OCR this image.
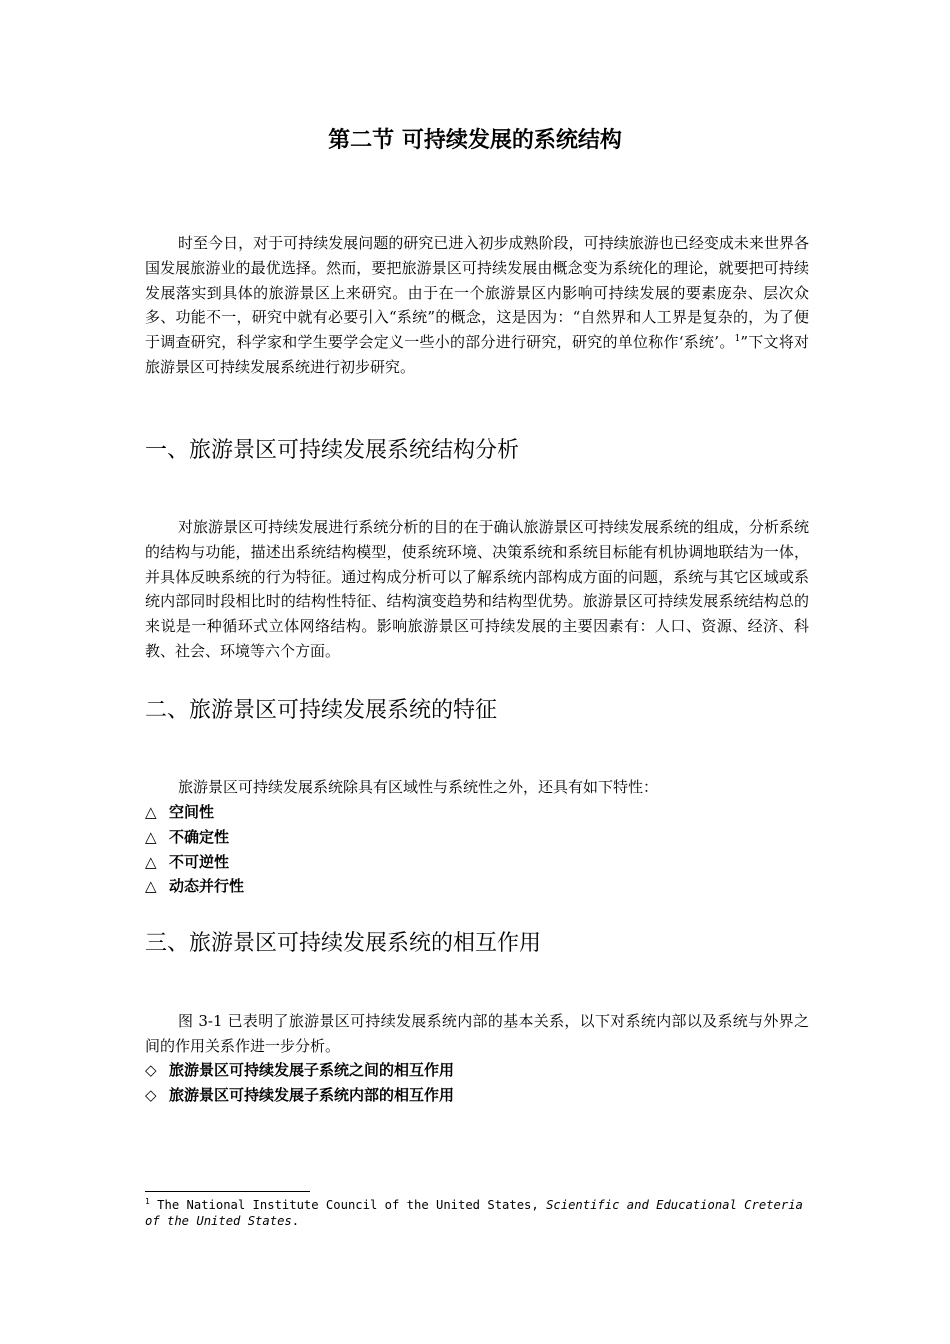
第二节 可持续发展的系统结构

时至今日，对于可持续发展问题的研究已进入初步成熟阶段，可持续旅游也已经变成未来世界各国发展旅游业的最优选择。然而，要把旅游景区可持续发展由概念变为系统化的理论，就要把可持续发展落实到具体的旅游景区上来研究。由于在一个旅游景区内影响可持续发展的要素庞杂、层次众多、功能不一，研究中就有必要引入“系统”的概念，这是因为：“自然界和人工界是复杂的，为了便于调查研究，科学家和学生要学会定义一些小的部分进行研究，研究的单位称作‘系统’。$^1$”下文将对旅游景区可持续发展系统进行初步研究。

一、旅游景区可持续发展系统结构分析

对旅游景区可持续发展进行系统分析的目的在于确认旅游景区可持续发展系统的组成，分析系统的结构与功能，描述出系统结构模型，使系统环境、决策系统和系统目标能有机协调地联结为一体，并具体反映系统的行为特征。通过构成分析可以了解系统内部构成方面的问题，系统与其它区域或系统内部同时段相比时的结构性特征、结构演变趋势和结构型优势。旅游景区可持续发展系统结构总的来说是一种循环式立体网络结构。影响旅游景区可持续发展的主要因素有：人口、资源、经济、科教、社会、环境等六个方面。

二、旅游景区可持续发展系统的特征

旅游景区可持续发展系统除具有区域性与系统性之外，还具有如下特性：

△ 空间性
△ 不确定性
△ 不可逆性
△ 动态并行性
三、旅游景区可持续发展系统的相互作用

图 3-1 已表明了旅游景区可持续发展系统内部的基本关系，以下对系统内部以及系统与外界之间的作用关系作进一步分析。

◇ 旅游景区可持续发展子系统之间的相互作用
◇ 旅游景区可持续发展子系统内部的相互作用

$^1$ The National Institute Council of the United States, Scientific and Educational Creteria of the United States.
